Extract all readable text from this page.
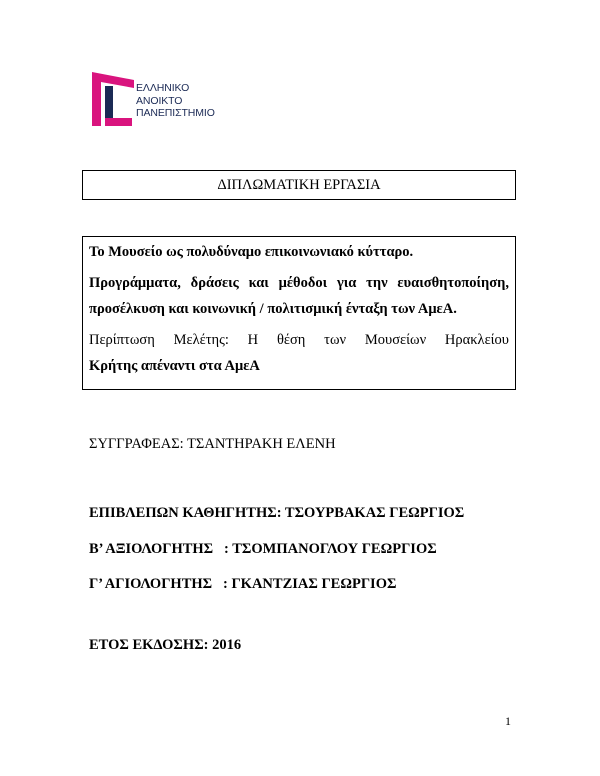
ΕΛΛΗΝΙΚΟ
ΑΝΟΙΚΤΟ
ΠΑΝΕΠΙΣΤΗΜΙΟ
ΔΙΠΛΩΜΑΤΙΚΗ ΕΡΓΑΣΙΑ

Το Μουσείο ως πολυδύναμο επικοινωνιακό κύτταρο.

Προγράμματα, δράσεις και μέθοδοι για την ευαισθητοποίηση,
προσέλκυση και κοινωνική / πολιτισμική ένταξη των ΑμεΑ.

Περίπτωση Μελέτης: Η θέση των Μουσείων Ηρακλείου
Κρήτης απέναντι στα ΑμεΑ

ΣΥΓΓΡΑΦΕΑΣ: ΤΣΑΝΤΗΡΑΚΗ ΕΛΕΝΗ
ΕΠΙΒΛΕΠΩΝ ΚΑΘΗΓΗΤΗΣ: ΤΣΟΥΡΒΑΚΑΣ ΓΕΩΡΓΙΟΣ
Β’ ΑΞΙΟΛΟΓΗΤΗΣ   : ΤΣΟΜΠΑΝΟΓΛΟΥ ΓΕΩΡΓΙΟΣ
Γ’ ΑΓΙΟΛΟΓΗΤΗΣ   : ΓΚΑΝΤΖΙΑΣ ΓΕΩΡΓΙΟΣ
ΕΤΟΣ ΕΚΔΟΣΗΣ: 2016
1
